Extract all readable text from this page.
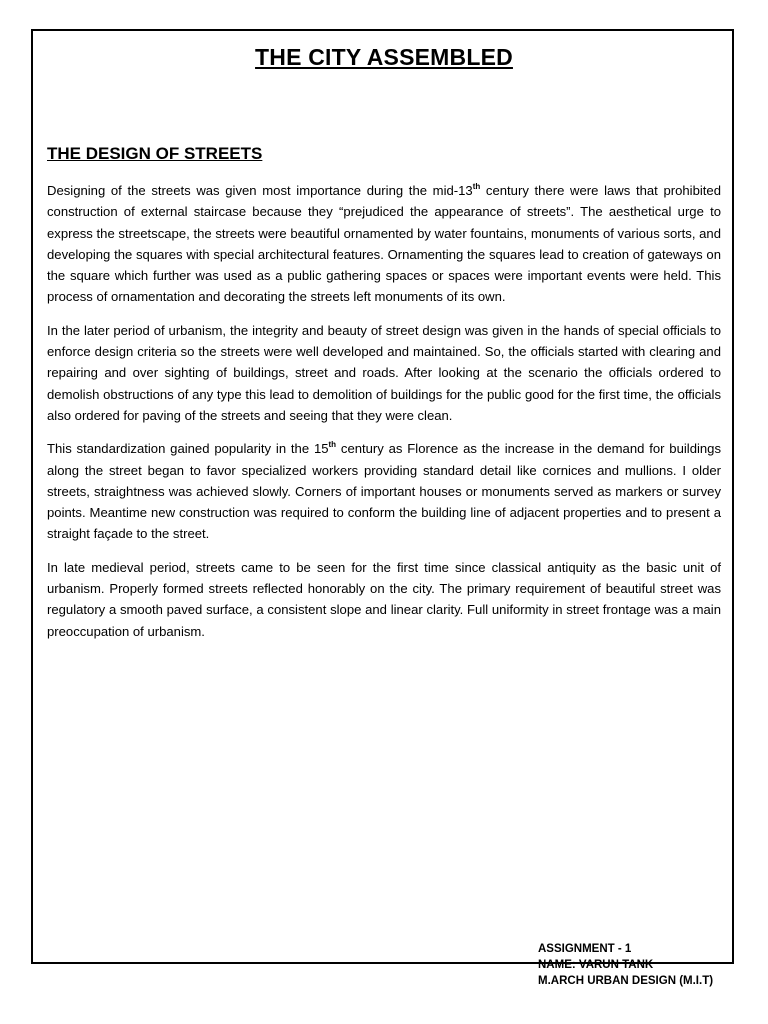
THE CITY ASSEMBLED
THE DESIGN OF STREETS

Designing of the streets was given most importance during the mid-13th century there were laws that prohibited construction of external staircase because they “prejudiced the appearance of streets”. The aesthetical urge to express the streetscape, the streets were beautiful ornamented by water fountains, monuments of various sorts, and developing the squares with special architectural features. Ornamenting the squares lead to creation of gateways on the square which further was used as a public gathering spaces or spaces were important events were held. This process of ornamentation and decorating the streets left monuments of its own.

In the later period of urbanism, the integrity and beauty of street design was given in the hands of special officials to enforce design criteria so the streets were well developed and maintained. So, the officials started with clearing and repairing and over sighting of buildings, street and roads. After looking at the scenario the officials ordered to demolish obstructions of any type this lead to demolition of buildings for the public good for the first time, the officials also ordered for paving of the streets and seeing that they were clean.

This standardization gained popularity in the 15th century as Florence as the increase in the demand for buildings along the street began to favor specialized workers providing standard detail like cornices and mullions. I older streets, straightness was achieved slowly. Corners of important houses or monuments served as markers or survey points. Meantime new construction was required to conform the building line of adjacent properties and to present a straight façade to the street.

In late medieval period, streets came to be seen for the first time since classical antiquity as the basic unit of urbanism. Properly formed streets reflected honorably on the city. The primary requirement of beautiful street was regulatory a smooth paved surface, a consistent slope and linear clarity. Full uniformity in street frontage was a main preoccupation of urbanism.

ASSIGNMENT - 1
NAME: VARUN TANK
M.ARCH URBAN DESIGN (M.I.T)
